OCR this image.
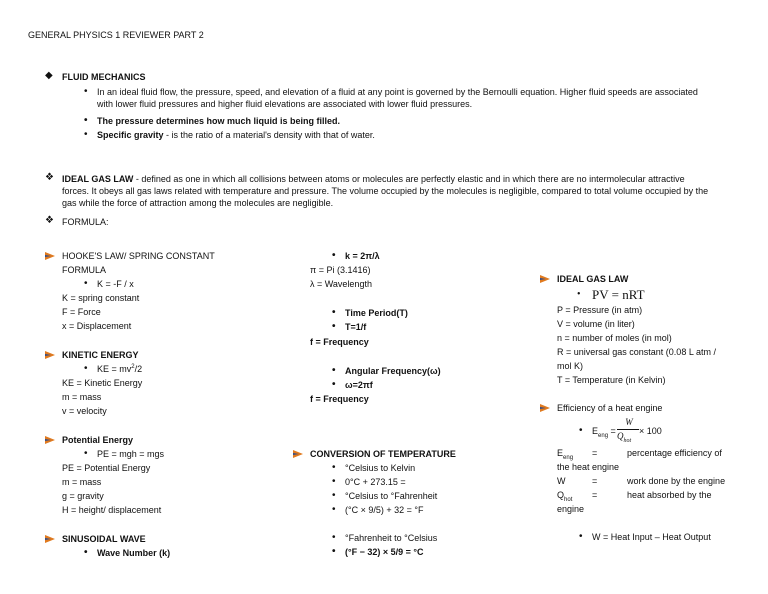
GENERAL PHYSICS 1 REVIEWER PART 2
◆ FLUID MECHANICS
In an ideal fluid flow, the pressure, speed, and elevation of a fluid at any point is governed by the Bernoulli equation. Higher fluid speeds are associated with lower fluid pressures and higher fluid elevations are associated with lower fluid pressures.
The pressure determines how much liquid is being filled.
Specific gravity - is the ratio of a material's density with that of water.
❖ IDEAL GAS LAW - defined as one in which all collisions between atoms or molecules are perfectly elastic and in which there are no intermolecular attractive forces. It obeys all gas laws related with temperature and pressure. The volume occupied by the molecules is negligible, compared to total volume occupied by the gas while the force of attraction among the molecules are negligible.
❖ FORMULA:
HOOKE'S LAW/ SPRING CONSTANT
FORMULA
K = -F / x
K = spring constant
F = Force
x = Displacement
KINETIC ENERGY
KE = $mv^2/2$
KE = Kinetic Energy
m = mass
v = velocity
Potential Energy
PE = mgh = mgs
PE = Potential Energy
m = mass
g = gravity
H = height/ displacement
SINUSOIDAL WAVE
Wave Number (k)
k = 2π/λ
π = Pi (3.1416)
λ = Wavelength
Time Period(T)
T=1/f
f = Frequency
Angular Frequency(ω)
ω=2πf
f = Frequency
CONVERSION OF TEMPERATURE
°Celsius to Kelvin
0°C + 273.15 =
°Celsius to °Fahrenheit
(°C × 9/5) + 32 = °F
°Fahrenheit to °Celsius
(°F − 32) × 5/9 = °C
IDEAL GAS LAW
PV = nRT
P = Pressure (in atm)
V = volume (in liter)
n = number of moles (in mol)
R = universal gas constant (0.08 L atm /
mol K)
T = Temperature (in Kelvin)
Efficiency of a heat engine
$E_{eng}$ =
W
$Q_{hot}$
× 100
$E_{eng}$ =	percentage efficiency of
the heat engine
W	=	work done by the engine
$Q_{hot}$ =	heat absorbed by the
engine
W = Heat Input – Heat Output
